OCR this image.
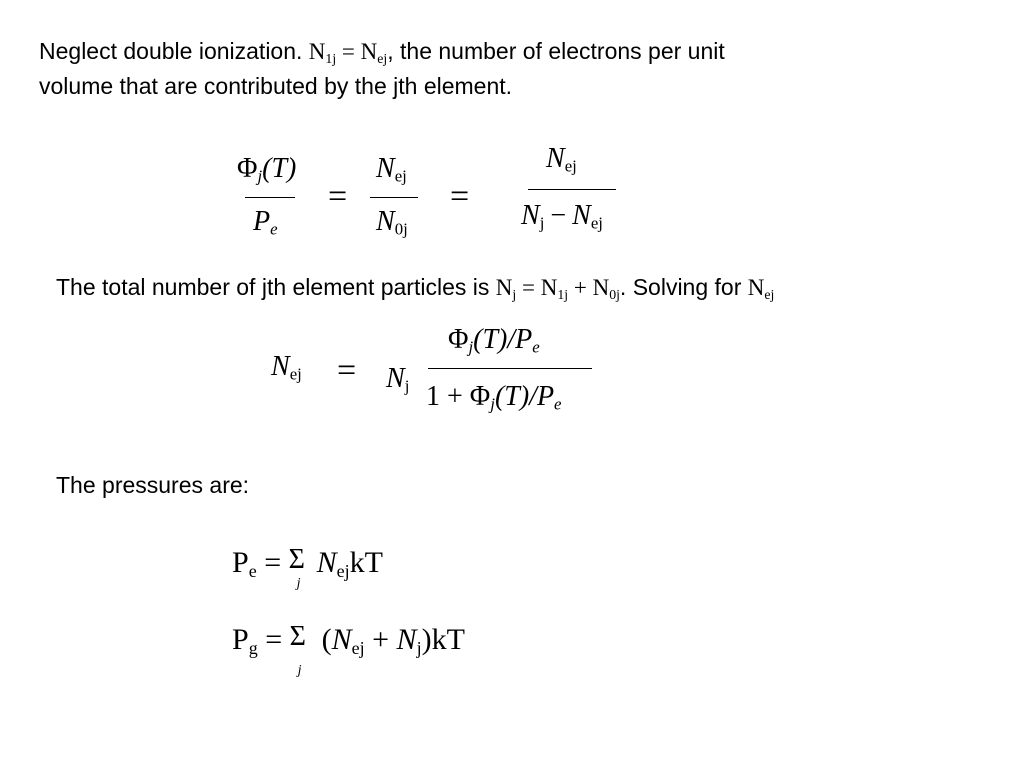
Neglect double ionization. $N_{1j} = N_{ej}$, the number of electrons per unit
volume that are contributed by the jth element.
$\Phi_j(T)$
$P_e$
=
$N_{ej}$
$N_{0j}$
=
$N_{ej}$
$N_j - N_{ej}$
The total number of jth element particles is $N_j = N_{1j} + N_{0j}$. Solving for $N_{ej}$
$N_{ej} = N_j$
$\Phi_j(T)/P_e$
$1 + \Phi_j(T)/P_e$
The pressures are:
$P_e = \Sigma$
j
$N_{ej}kT$
$P_g = \Sigma$
j
$(N_{ej} + N_j)kT$
